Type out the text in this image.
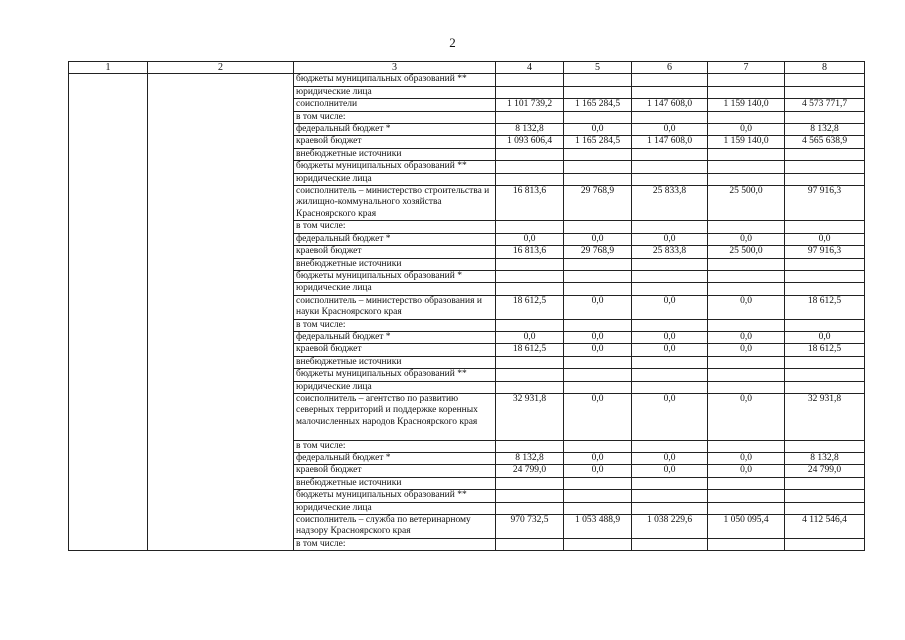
2
1	2	3	4	5	6	7	8
		бюджеты муниципальных образований **					
		юридические лица					
		соисполнители	1 101 739,2	1 165 284,5	1 147 608,0	1 159 140,0	4 573 771,7
		в том числе:					
		федеральный бюджет *	8 132,8	0,0	0,0	0,0	8 132,8
		краевой бюджет	1 093 606,4	1 165 284,5	1 147 608,0	1 159 140,0	4 565 638,9
		внебюджетные источники					
		бюджеты муниципальных образований **					
		юридические лица					
		соисполнитель – министерство строительства и жилищно-коммунального хозяйства Красноярского края	16 813,6	29 768,9	25 833,8	25 500,0	97 916,3
		в том числе:					
		федеральный бюджет *	0,0	0,0	0,0	0,0	0,0
		краевой бюджет	16 813,6	29 768,9	25 833,8	25 500,0	97 916,3
		внебюджетные источники					
		бюджеты муниципальных образований *					
		юридические лица					
		соисполнитель – министерство образования и науки Красноярского края	18 612,5	0,0	0,0	0,0	18 612,5
		в том числе:					
		федеральный бюджет *	0,0	0,0	0,0	0,0	0,0
		краевой бюджет	18 612,5	0,0	0,0	0,0	18 612,5
		внебюджетные источники					
		бюджеты муниципальных образований **					
		юридические лица					
		соисполнитель – агентство по развитию северных территорий и поддержке коренных малочисленных народов Красноярского края	32 931,8	0,0	0,0	0,0	32 931,8
		в том числе:					
		федеральный бюджет *	8 132,8	0,0	0,0	0,0	8 132,8
		краевой бюджет	24 799,0	0,0	0,0	0,0	24 799,0
		внебюджетные источники					
		бюджеты муниципальных образований **					
		юридические лица					
		соисполнитель – служба по ветеринарному надзору Красноярского края	970 732,5	1 053 488,9	1 038 229,6	1 050 095,4	4 112 546,4
		в том числе:					
